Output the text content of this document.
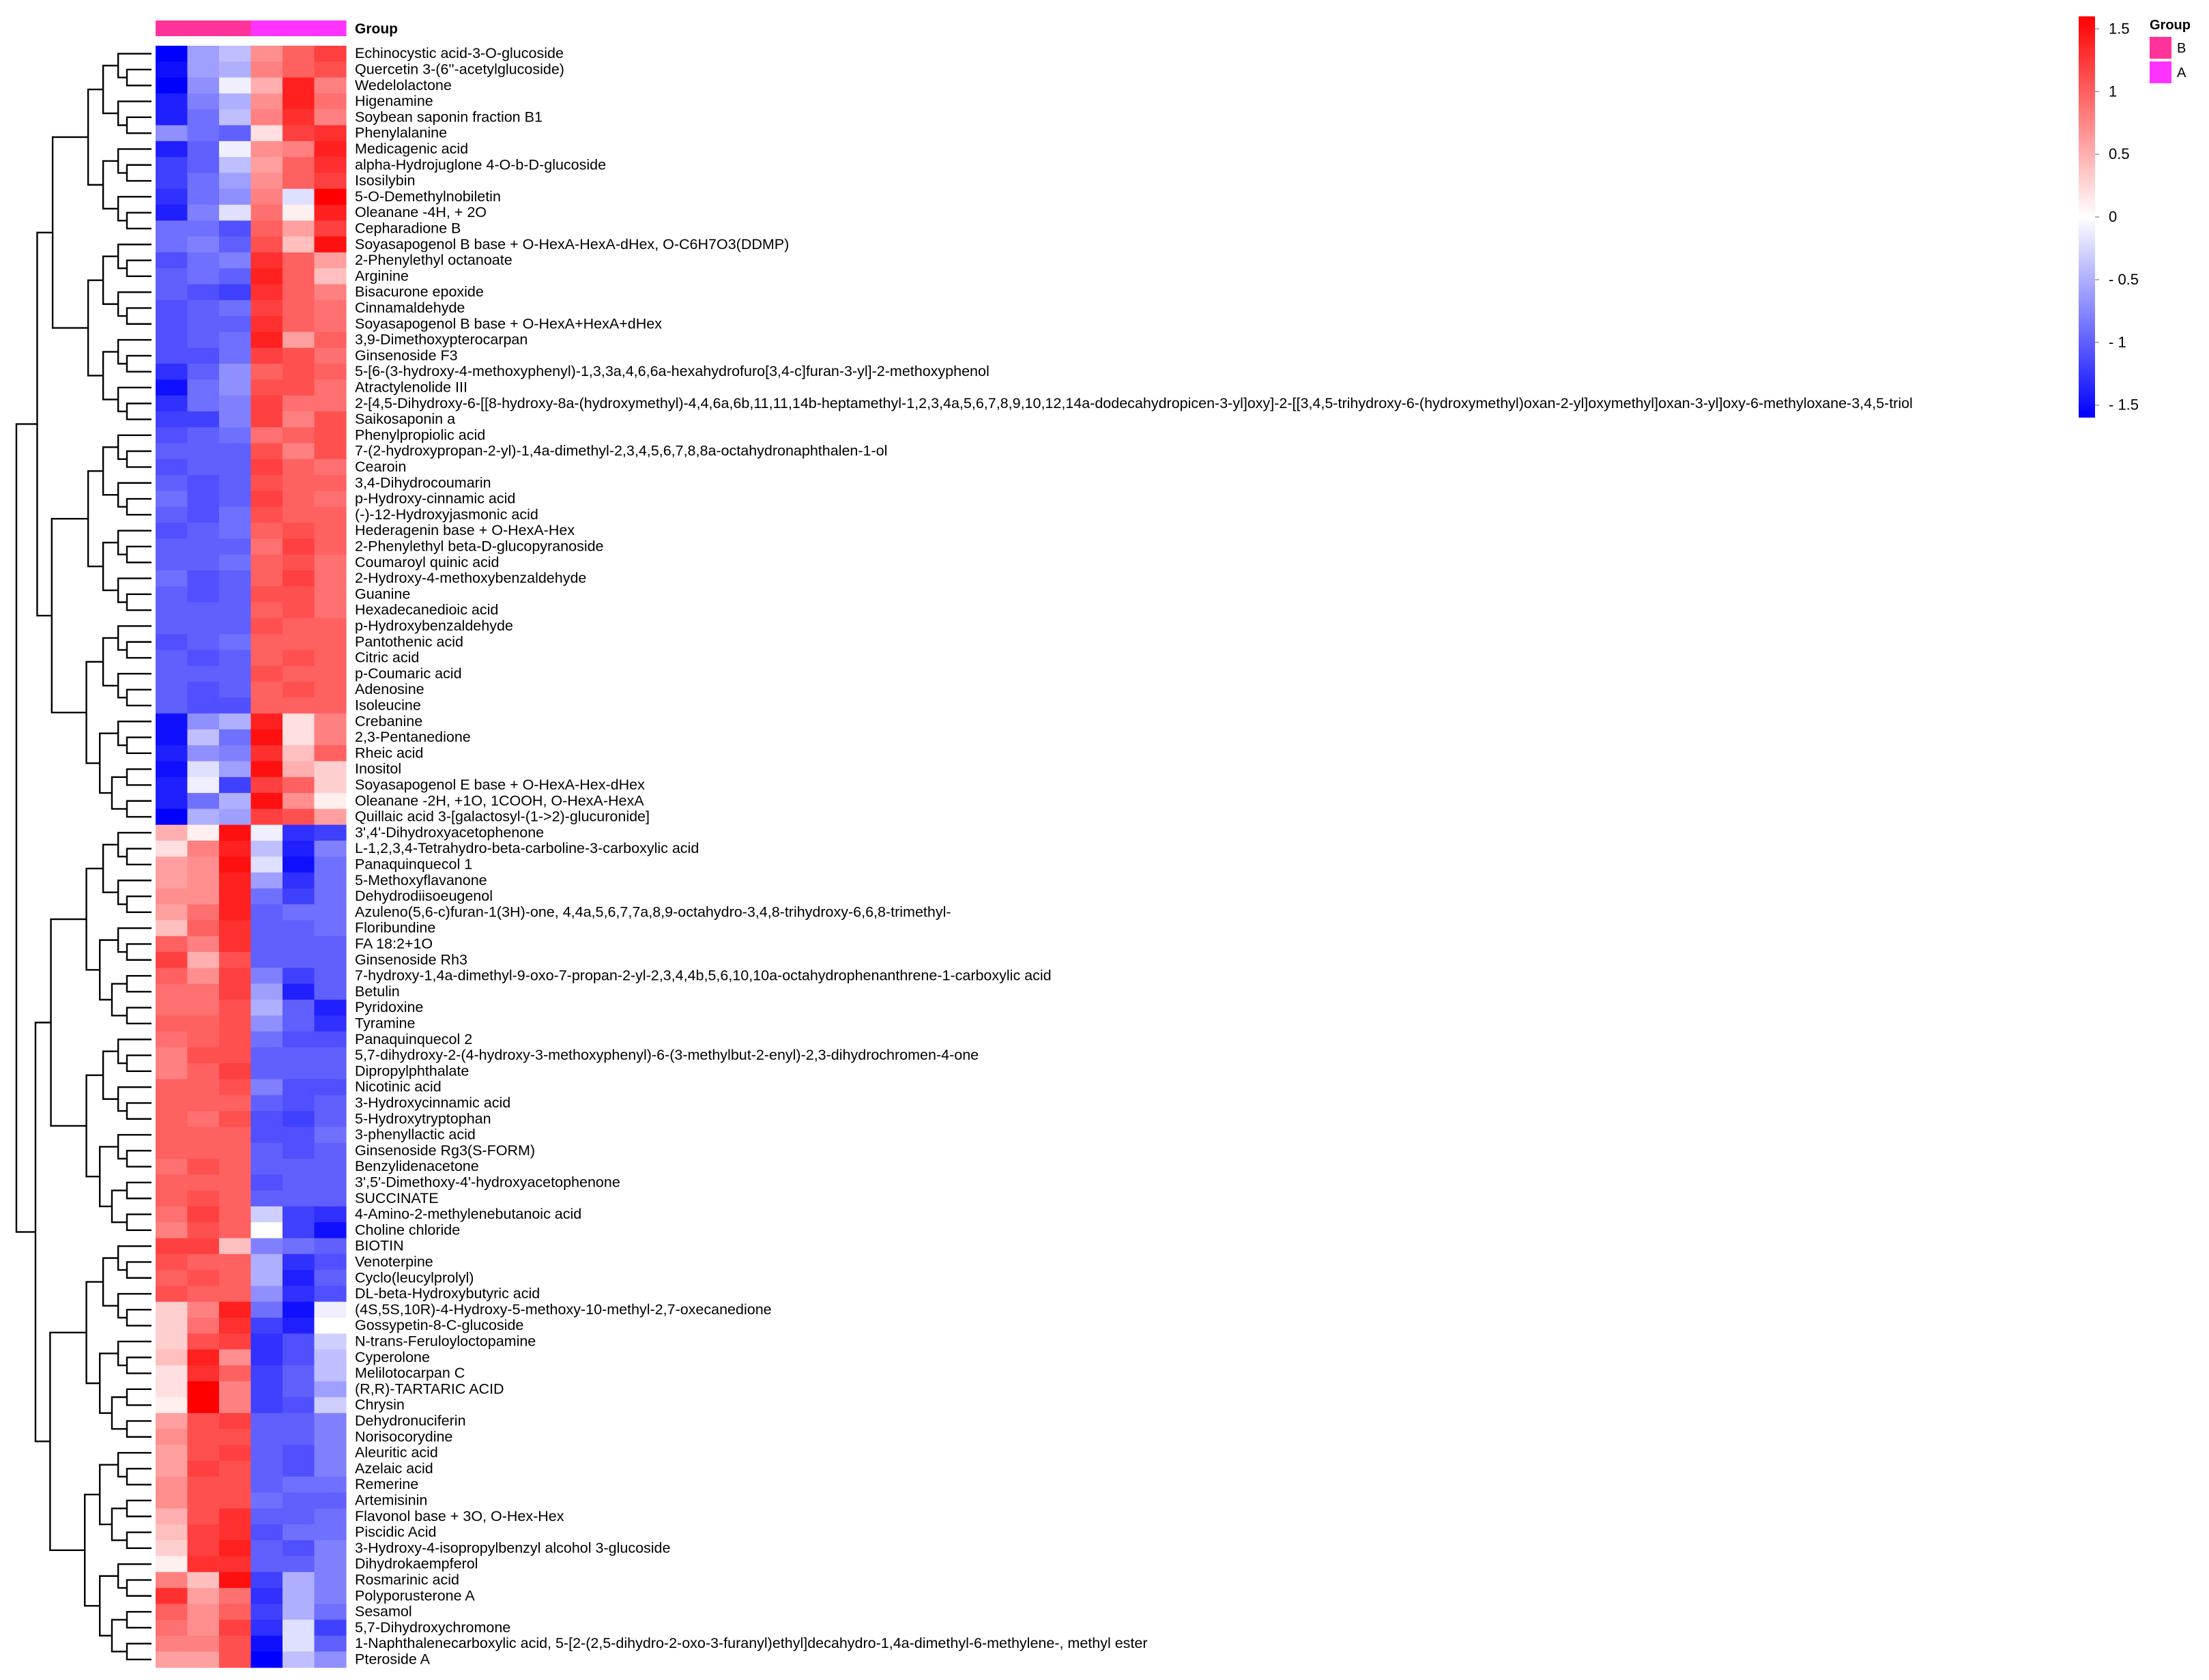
Group
Echinocystic acid-3-O-glucoside
Quercetin 3-(6''-acetylglucoside)
Wedelolactone
Higenamine
Soybean saponin fraction B1
Phenylalanine
Medicagenic acid
alpha-Hydrojuglone 4-O-b-D-glucoside
Isosilybin
5-O-Demethylnobiletin
Oleanane -4H, + 2O
Cepharadione B
Soyasapogenol B base + O-HexA-HexA-dHex, O-C6H7O3(DDMP)
2-Phenylethyl octanoate
Arginine
Bisacurone epoxide
Cinnamaldehyde
Soyasapogenol B base + O-HexA+HexA+dHex
3,9-Dimethoxypterocarpan
Ginsenoside F3
5-[6-(3-hydroxy-4-methoxyphenyl)-1,3,3a,4,6,6a-hexahydrofuro[3,4-c]furan-3-yl]-2-methoxyphenol
Atractylenolide III
2-[4,5-Dihydroxy-6-[[8-hydroxy-8a-(hydroxymethyl)-4,4,6a,6b,11,11,14b-heptamethyl-1,2,3,4a,5,6,7,8,9,10,12,14a-dodecahydropicen-3-yl]oxy]-2-[[3,4,5-trihydroxy-6-(hydroxymethyl)oxan-2-yl]oxymethyl]oxan-3-yl]oxy-6-methyloxane-3,4,5-triol
Saikosaponin a
Phenylpropiolic acid
7-(2-hydroxypropan-2-yl)-1,4a-dimethyl-2,3,4,5,6,7,8,8a-octahydronaphthalen-1-ol
Cearoin
3,4-Dihydrocoumarin
p-Hydroxy-cinnamic acid
(-)-12-Hydroxyjasmonic acid
Hederagenin base + O-HexA-Hex
2-Phenylethyl beta-D-glucopyranoside
Coumaroyl quinic acid
2-Hydroxy-4-methoxybenzaldehyde
Guanine
Hexadecanedioic acid
p-Hydroxybenzaldehyde
Pantothenic acid
Citric acid
p-Coumaric acid
Adenosine
Isoleucine
Crebanine
2,3-Pentanedione
Rheic acid
Inositol
Soyasapogenol E base + O-HexA-Hex-dHex
Oleanane -2H, +1O, 1COOH, O-HexA-HexA
Quillaic acid 3-[galactosyl-(1->2)-glucuronide]
3',4'-Dihydroxyacetophenone
L-1,2,3,4-Tetrahydro-beta-carboline-3-carboxylic acid
Panaquinquecol 1
5-Methoxyflavanone
Dehydrodiisoeugenol
Azuleno(5,6-c)furan-1(3H)-one, 4,4a,5,6,7,7a,8,9-octahydro-3,4,8-trihydroxy-6,6,8-trimethyl-
Floribundine
FA 18:2+1O
Ginsenoside Rh3
7-hydroxy-1,4a-dimethyl-9-oxo-7-propan-2-yl-2,3,4,4b,5,6,10,10a-octahydrophenanthrene-1-carboxylic acid
Betulin
Pyridoxine
Tyramine
Panaquinquecol 2
5,7-dihydroxy-2-(4-hydroxy-3-methoxyphenyl)-6-(3-methylbut-2-enyl)-2,3-dihydrochromen-4-one
Dipropylphthalate
Nicotinic acid
3-Hydroxycinnamic acid
5-Hydroxytryptophan
3-phenyllactic acid
Ginsenoside Rg3(S-FORM)
Benzylidenacetone
3',5'-Dimethoxy-4'-hydroxyacetophenone
SUCCINATE
4-Amino-2-methylenebutanoic acid
Choline chloride
BIOTIN
Venoterpine
Cyclo(leucylprolyl)
DL-beta-Hydroxybutyric acid
(4S,5S,10R)-4-Hydroxy-5-methoxy-10-methyl-2,7-oxecanedione
Gossypetin-8-C-glucoside
N-trans-Feruloyloctopamine
Cyperolone
Melilotocarpan C
(R,R)-TARTARIC ACID
Chrysin
Dehydronuciferin
Norisocorydine
Aleuritic acid
Azelaic acid
Remerine
Artemisinin
Flavonol base + 3O, O-Hex-Hex
Piscidic Acid
3-Hydroxy-4-isopropylbenzyl alcohol 3-glucoside
Dihydrokaempferol
Rosmarinic acid
Polyporusterone A
Sesamol
5,7-Dihydroxychromone
1-Naphthalenecarboxylic acid, 5-[2-(2,5-dihydro-2-oxo-3-furanyl)ethyl]decahydro-1,4a-dimethyl-6-methylene-, methyl ester
Pteroside A
1.5
1
0.5
0
- 0.5
- 1
- 1.5
Group
B
A
